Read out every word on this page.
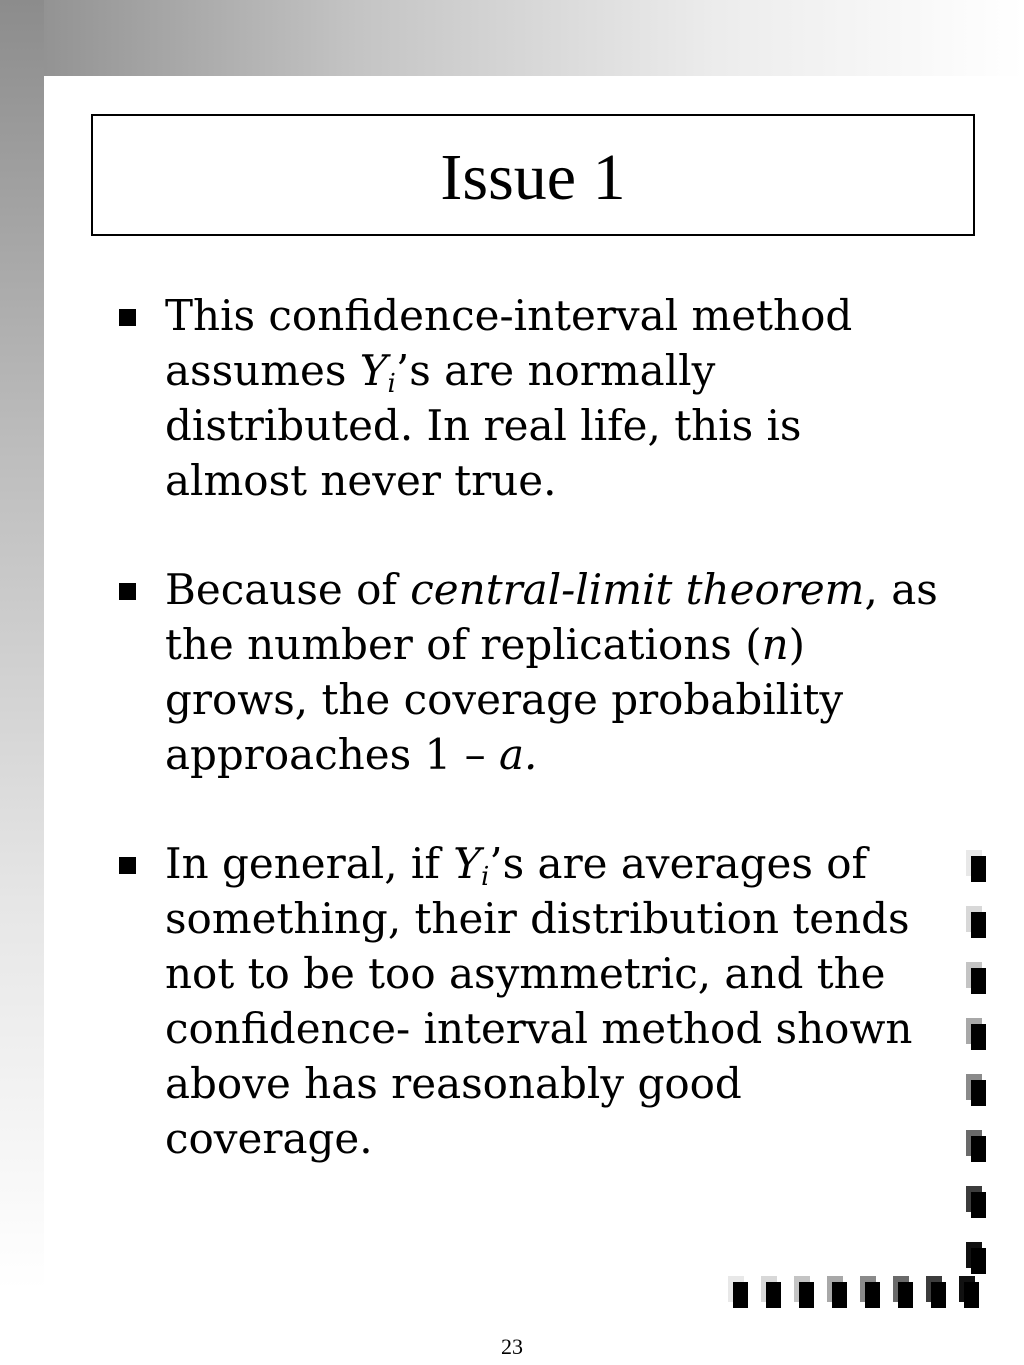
Issue 1
This confidence-interval method assumes $Y_i’s$ are normally distributed. In real life, this is almost never true.
Because of central-limit theorem, as the number of replications (n) grows, the coverage probability approaches 1 – a.
In general, if $Y_i’s$ are averages of something, their distribution tends not to be too asymmetric, and the confidence- interval method shown above has reasonably good coverage.
23
